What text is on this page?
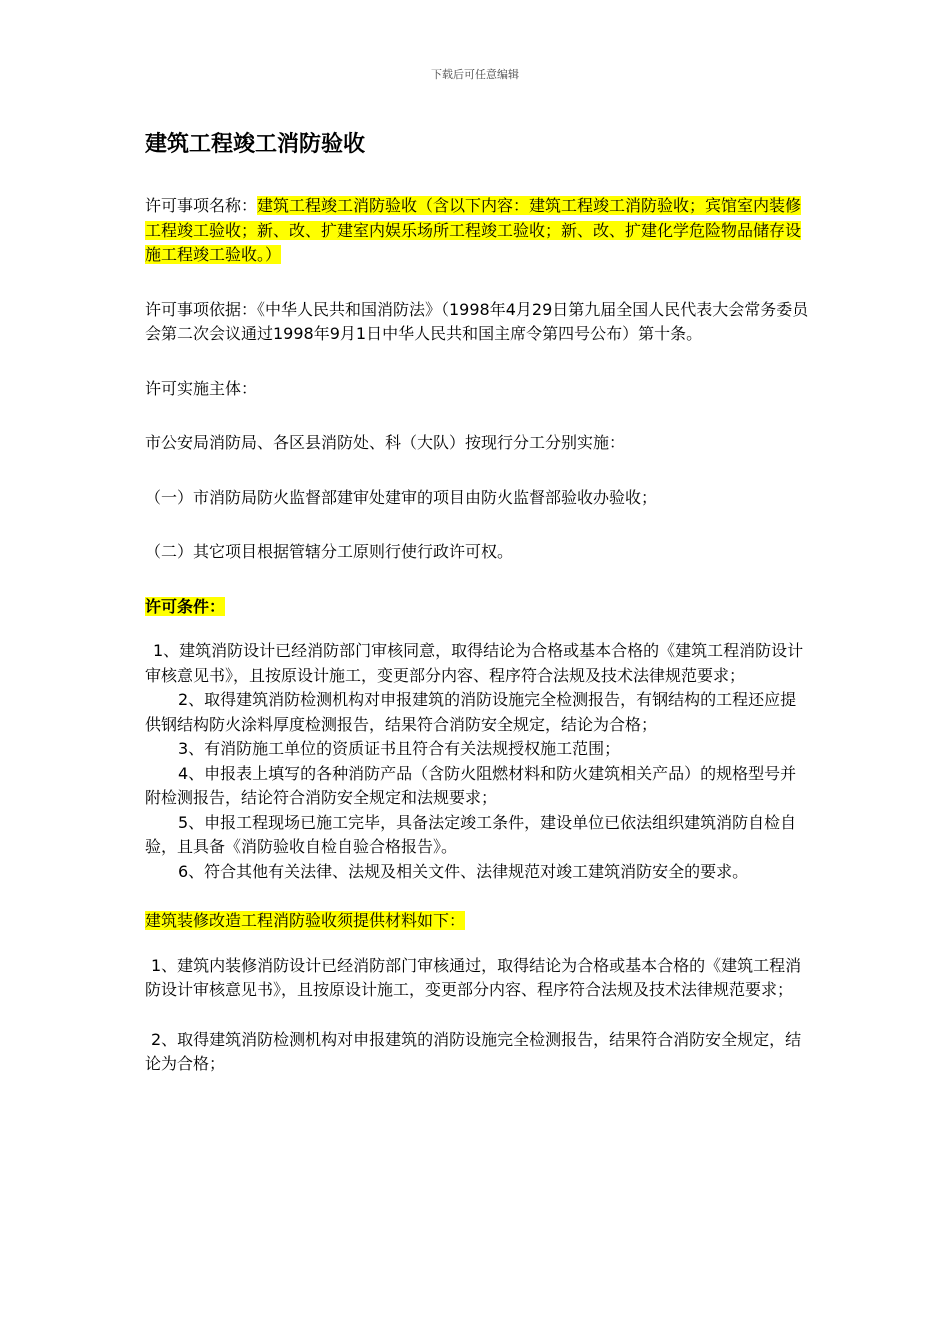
下载后可任意编辑
建筑工程竣工消防验收
许可事项名称：建筑工程竣工消防验收（含以下内容：建筑工程竣工消防验收；宾馆室内装修工程竣工验收；新、改、扩建室内娱乐场所工程竣工验收；新、改、扩建化学危险物品储存设施工程竣工验收。）
许可事项依据：《中华人民共和国消防法》（1998年4月29日第九届全国人民代表大会常务委员会第二次会议通过1998年9月1日中华人民共和国主席令第四号公布）第十条。
许可实施主体：
市公安局消防局、各区县消防处、科（大队）按现行分工分别实施：
（一）市消防局防火监督部建审处建审的项目由防火监督部验收办验收；
（二）其它项目根据管辖分工原则行使行政许可权。
许可条件：
1、建筑消防设计已经消防部门审核同意，取得结论为合格或基本合格的《建筑工程消防设计审核意见书》，且按原设计施工，变更部分内容、程序符合法规及技术法律规范要求；
2、取得建筑消防检测机构对申报建筑的消防设施完全检测报告，有钢结构的工程还应提供钢结构防火涂料厚度检测报告，结果符合消防安全规定，结论为合格；
3、有消防施工单位的资质证书且符合有关法规授权施工范围；
4、申报表上填写的各种消防产品（含防火阻燃材料和防火建筑相关产品）的规格型号并附检测报告，结论符合消防安全规定和法规要求；
5、申报工程现场已施工完毕，具备法定竣工条件，建设单位已依法组织建筑消防自检自验，且具备《消防验收自检自验合格报告》。
6、符合其他有关法律、法规及相关文件、法律规范对竣工建筑消防安全的要求。
建筑装修改造工程消防验收须提供材料如下：
1、建筑内装修消防设计已经消防部门审核通过，取得结论为合格或基本合格的《建筑工程消防设计审核意见书》，且按原设计施工，变更部分内容、程序符合法规及技术法律规范要求；
2、取得建筑消防检测机构对申报建筑的消防设施完全检测报告，结果符合消防安全规定，结论为合格；
